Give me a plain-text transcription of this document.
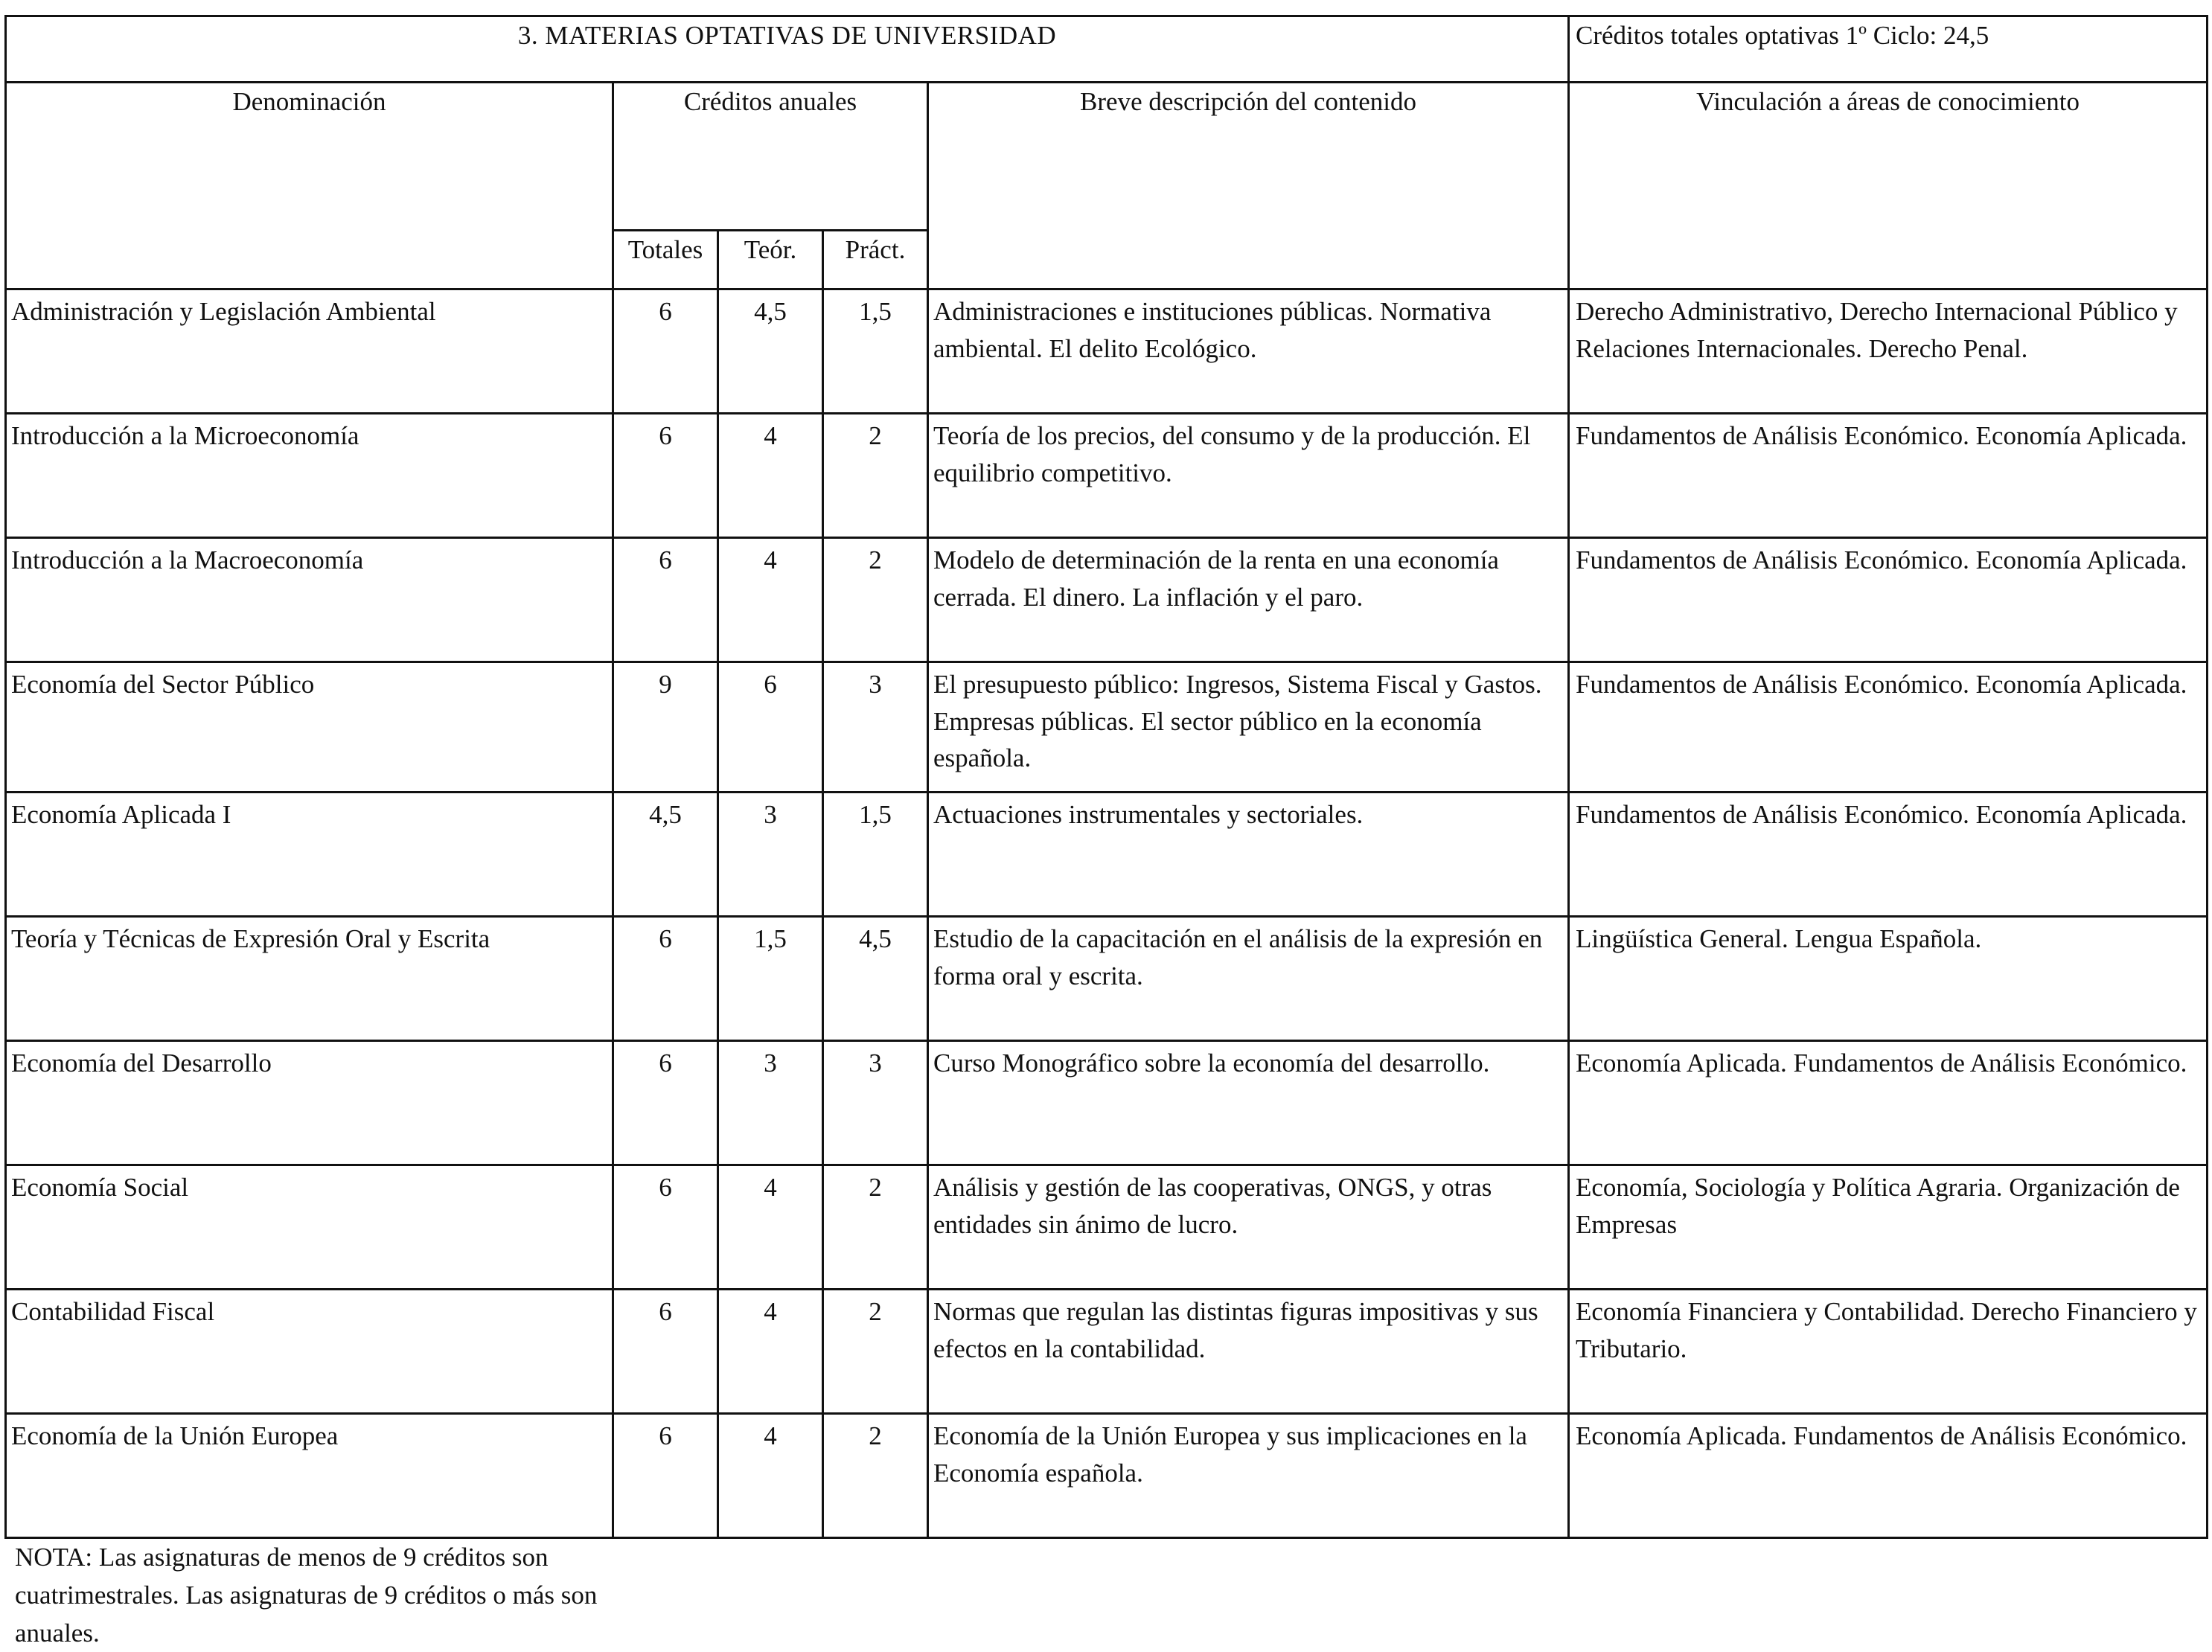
3. MATERIAS OPTATIVAS DE UNIVERSIDAD					Créditos totales optativas 1º Ciclo: 24,5
Denominación	Créditos anuales			Breve descripción del contenido	Vinculación a áreas de conocimiento
	Totales	Teór.	Práct.		
Administración y Legislación Ambiental	6	4,5	1,5	Administraciones e instituciones públicas. Normativa ambiental. El delito Ecológico.	Derecho Administrativo, Derecho Internacional Público y Relaciones Internacionales. Derecho Penal.
Introducción a la Microeconomía	6	4	2	Teoría de los precios, del consumo y de la producción. El equilibrio competitivo.	Fundamentos de Análisis Económico. Economía Aplicada.
Introducción a la Macroeconomía	6	4	2	Modelo de determinación de la renta en una economía cerrada. El dinero. La inflación y el paro.	Fundamentos de Análisis Económico. Economía Aplicada.
Economía del Sector Público	9	6	3	El presupuesto público: Ingresos, Sistema Fiscal y Gastos. Empresas públicas. El sector público en la economía española.	Fundamentos de Análisis Económico. Economía Aplicada.
Economía Aplicada I	4,5	3	1,5	Actuaciones instrumentales y sectoriales.	Fundamentos de Análisis Económico. Economía Aplicada.
Teoría y Técnicas de Expresión Oral y Escrita	6	1,5	4,5	Estudio de la capacitación en el análisis de la expresión en forma oral y escrita.	Lingüística General. Lengua Española.
Economía del Desarrollo	6	3	3	Curso Monográfico sobre la economía del desarrollo.	Economía Aplicada. Fundamentos de Análisis Económico.
Economía Social	6	4	2	Análisis y gestión de las cooperativas, ONGS, y otras entidades sin ánimo de lucro.	Economía, Sociología y Política Agraria. Organización de Empresas
Contabilidad Fiscal	6	4	2	Normas que regulan las distintas figuras impositivas y sus efectos en la contabilidad.	Economía Financiera y Contabilidad. Derecho Financiero y Tributario.
Economía de la Unión Europea	6	4	2	Economía de la Unión Europea y sus implicaciones en la Economía española.	Economía Aplicada. Fundamentos de Análisis Económico.
NOTA: Las asignaturas de menos de 9 créditos son cuatrimestrales. Las asignaturas de 9 créditos o más son anuales.
